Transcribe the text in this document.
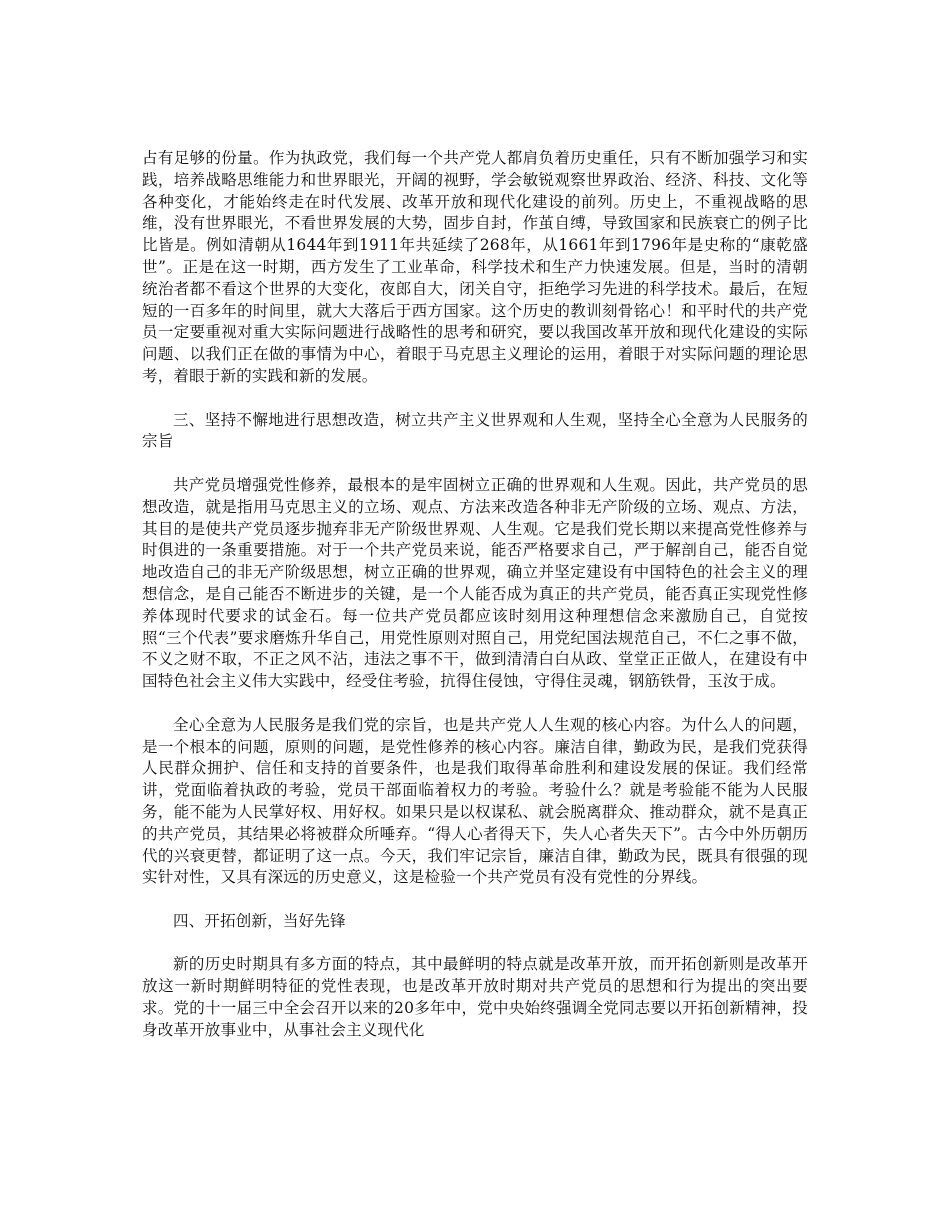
占有足够的份量。作为执政党，我们每一个共产党人都肩负着历史重任，只有不断加强学习和实践，培养战略思维能力和世界眼光，开阔的视野，学会敏锐观察世界政治、经济、科技、文化等各种变化，才能始终走在时代发展、改革开放和现代化建设的前列。历史上，不重视战略的思维，没有世界眼光，不看世界发展的大势，固步自封，作茧自缚，导致国家和民族衰亡的例子比比皆是。例如清朝从1644年到1911年共延续了268年，从1661年到1796年是史称的“康乾盛世”。正是在这一时期，西方发生了工业革命，科学技术和生产力快速发展。但是，当时的清朝统治者都不看这个世界的大变化，夜郎自大，闭关自守，拒绝学习先进的科学技术。最后，在短短的一百多年的时间里，就大大落后于西方国家。这个历史的教训刻骨铭心！和平时代的共产党员一定要重视对重大实际问题进行战略性的思考和研究，要以我国改革开放和现代化建设的实际问题、以我们正在做的事情为中心，着眼于马克思主义理论的运用，着眼于对实际问题的理论思考，着眼于新的实践和新的发展。

三、坚持不懈地进行思想改造，树立共产主义世界观和人生观，坚持全心全意为人民服务的宗旨

共产党员增强党性修养，最根本的是牢固树立正确的世界观和人生观。因此，共产党员的思想改造，就是指用马克思主义的立场、观点、方法来改造各种非无产阶级的立场、观点、方法，其目的是使共产党员逐步抛弃非无产阶级世界观、人生观。它是我们党长期以来提高党性修养与时俱进的一条重要措施。对于一个共产党员来说，能否严格要求自己，严于解剖自己，能否自觉地改造自己的非无产阶级思想，树立正确的世界观，确立并坚定建设有中国特色的社会主义的理想信念，是自己能否不断进步的关键，是一个人能否成为真正的共产党员，能否真正实现党性修养体现时代要求的试金石。每一位共产党员都应该时刻用这种理想信念来激励自己，自觉按照“三个代表”要求磨炼升华自己，用党性原则对照自己，用党纪国法规范自己，不仁之事不做，不义之财不取，不正之风不沾，违法之事不干，做到清清白白从政、堂堂正正做人，在建设有中国特色社会主义伟大实践中，经受住考验，抗得住侵蚀，守得住灵魂，钢筋铁骨，玉汝于成。

全心全意为人民服务是我们党的宗旨，也是共产党人人生观的核心内容。为什么人的问题，是一个根本的问题，原则的问题，是党性修养的核心内容。廉洁自律，勤政为民，是我们党获得人民群众拥护、信任和支持的首要条件，也是我们取得革命胜利和建设发展的保证。我们经常讲，党面临着执政的考验，党员干部面临着权力的考验。考验什么？就是考验能不能为人民服务，能不能为人民掌好权、用好权。如果只是以权谋私、就会脱离群众、推动群众，就不是真正的共产党员，其结果必将被群众所唾弃。“得人心者得天下，失人心者失天下”。古今中外历朝历代的兴衰更替，都证明了这一点。今天，我们牢记宗旨，廉洁自律，勤政为民，既具有很强的现实针对性，又具有深远的历史意义，这是检验一个共产党员有没有党性的分界线。

四、开拓创新，当好先锋

新的历史时期具有多方面的特点，其中最鲜明的特点就是改革开放，而开拓创新则是改革开放这一新时期鲜明特征的党性表现，也是改革开放时期对共产党员的思想和行为提出的突出要求。党的十一届三中全会召开以来的20多年中，党中央始终强调全党同志要以开拓创新精神，投身改革开放事业中，从事社会主义现代化
